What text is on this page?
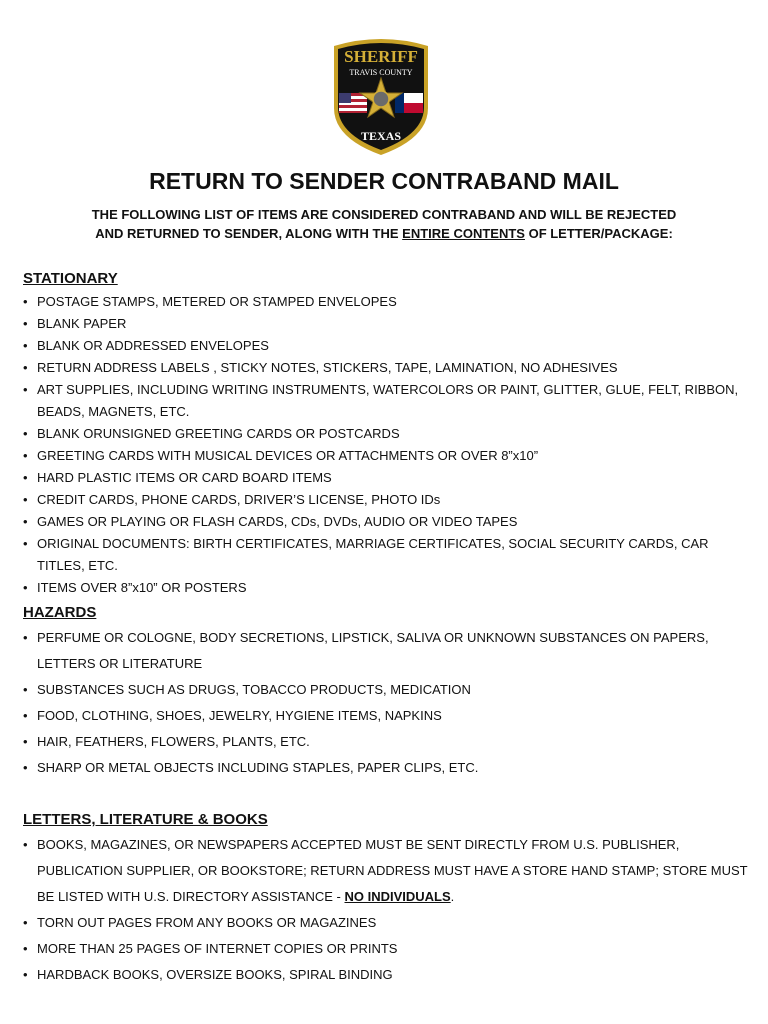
SHERIFF
TRAVIS COUNTY
TEXAS
RETURN TO SENDER CONTRABAND MAIL
THE FOLLOWING LIST OF ITEMS ARE CONSIDERED CONTRABAND AND WILL BE REJECTED
AND RETURNED TO SENDER, ALONG WITH THE ENTIRE CONTENTS OF LETTER/PACKAGE:
STATIONARY
• POSTAGE STAMPS, METERED OR STAMPED ENVELOPES
• BLANK PAPER
• BLANK OR ADDRESSED ENVELOPES
• RETURN ADDRESS LABELS , STICKY NOTES, STICKERS, TAPE, LAMINATION, NO ADHESIVES
• ART SUPPLIES, INCLUDING WRITING INSTRUMENTS, WATERCOLORS OR PAINT, GLITTER, GLUE, FELT, RIBBON, BEADS, MAGNETS, ETC.
• BLANK ORUNSIGNED GREETING CARDS OR POSTCARDS
• GREETING CARDS WITH MUSICAL DEVICES OR ATTACHMENTS OR OVER 8”x10”
• HARD PLASTIC ITEMS OR CARD BOARD ITEMS
• CREDIT CARDS, PHONE CARDS, DRIVER’S LICENSE, PHOTO IDs
• GAMES OR PLAYING OR FLASH CARDS, CDs, DVDs, AUDIO OR VIDEO TAPES
• ORIGINAL DOCUMENTS: BIRTH CERTIFICATES, MARRIAGE CERTIFICATES, SOCIAL SECURITY CARDS, CAR TITLES, ETC.
• ITEMS OVER 8”x10” OR POSTERS
HAZARDS
• PERFUME OR COLOGNE, BODY SECRETIONS, LIPSTICK, SALIVA OR UNKNOWN SUBSTANCES ON PAPERS, LETTERS OR LITERATURE
• SUBSTANCES SUCH AS DRUGS, TOBACCO PRODUCTS, MEDICATION
• FOOD, CLOTHING, SHOES, JEWELRY, HYGIENE ITEMS, NAPKINS
• HAIR, FEATHERS, FLOWERS, PLANTS, ETC.
• SHARP OR METAL OBJECTS INCLUDING STAPLES, PAPER CLIPS, ETC.
LETTERS, LITERATURE & BOOKS
• BOOKS, MAGAZINES, OR NEWSPAPERS ACCEPTED MUST BE SENT DIRECTLY FROM U.S. PUBLISHER, PUBLICATION SUPPLIER, OR BOOKSTORE; RETURN ADDRESS MUST HAVE A STORE HAND STAMP; STORE MUST BE LISTED WITH U.S. DIRECTORY ASSISTANCE - NO INDIVIDUALS.
• TORN OUT PAGES FROM ANY BOOKS OR MAGAZINES
• MORE THAN 25 PAGES OF INTERNET COPIES OR PRINTS
• HARDBACK BOOKS, OVERSIZE BOOKS, SPIRAL BINDING
